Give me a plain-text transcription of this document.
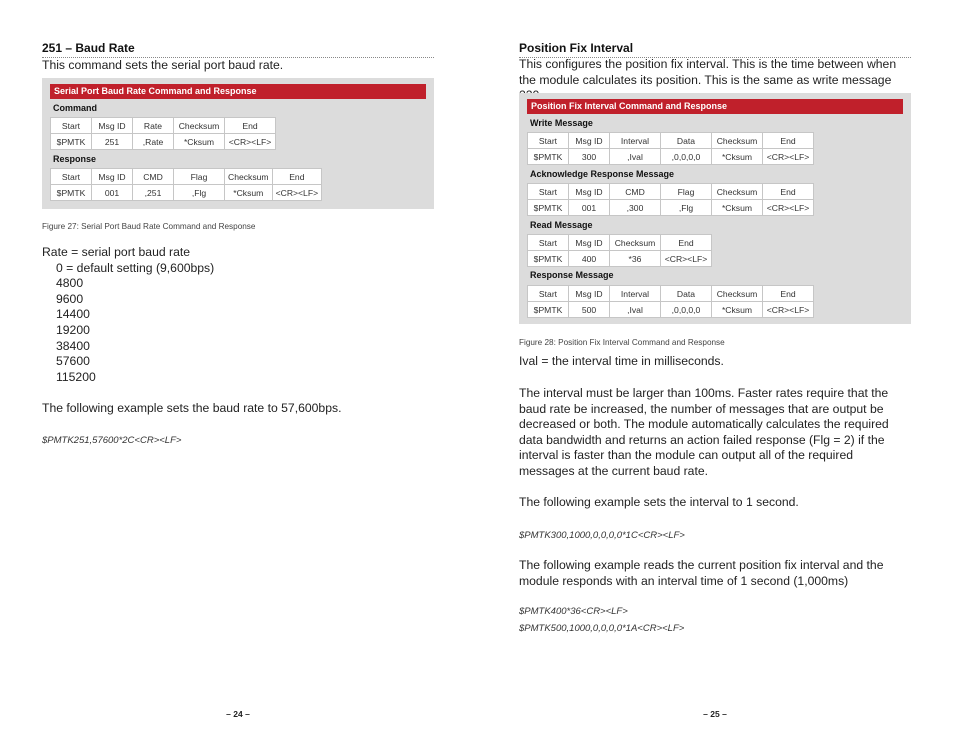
251 – Baud Rate

This command sets the serial port baud rate.

Serial Port Baud Rate Command and Response
Command
Start	Msg ID	Rate	Checksum	End
$PMTK	251	,Rate	*Cksum	<CR><LF>
Response
Start	Msg ID	CMD	Flag	Checksum	End
$PMTK	001	,251	,Flg	*Cksum	<CR><LF>
Figure 27: Serial Port Baud Rate Command and Response
Rate = serial port baud rate
0 = default setting (9,600bps)
4800
9600
14400
19200
38400
57600
115200

The following example sets the baud rate to 57,600bps.

$PMTK251,57600*2C<CR><LF>
– 24 –
Position Fix Interval

This configures the position fix interval. This is the time between when the module calculates its position. This is the same as write message

Position Fix Interval Command and Response
Write Message
Start	Msg ID	Interval	Data	Checksum	End
$PMTK	300	,Ival	,0,0,0,0	*Cksum	<CR><LF>
Acknowledge Response Message
Start	Msg ID	CMD	Flag	Checksum	End
$PMTK	001	,300	,Flg	*Cksum	<CR><LF>
Read Message
Start	Msg ID	Checksum	End
$PMTK	400	*36	<CR><LF>
Response Message
Start	Msg ID	Interval	Data	Checksum	End
$PMTK	500	,Ival	,0,0,0,0	*Cksum	<CR><LF>
Figure 28: Position Fix Interval Command and Response

Ival = the interval time in milliseconds.

The interval must be larger than 100ms. Faster rates require that the baud rate be increased, the number of messages that are output be decreased or both. The module automatically calculates the required data bandwidth and returns an action failed response (Flg = 2) if the interval is faster than the module can output all of the required messages at the current baud rate.

The following example sets the interval to 1 second.

$PMTK300,1000,0,0,0,0*1C<CR><LF>

The following example reads the current position fix interval and the module responds with an interval time of 1 second (1,000ms)

$PMTK400*36<CR><LF>
$PMTK500,1000,0,0,0,0*1A<CR><LF>
– 25 –
